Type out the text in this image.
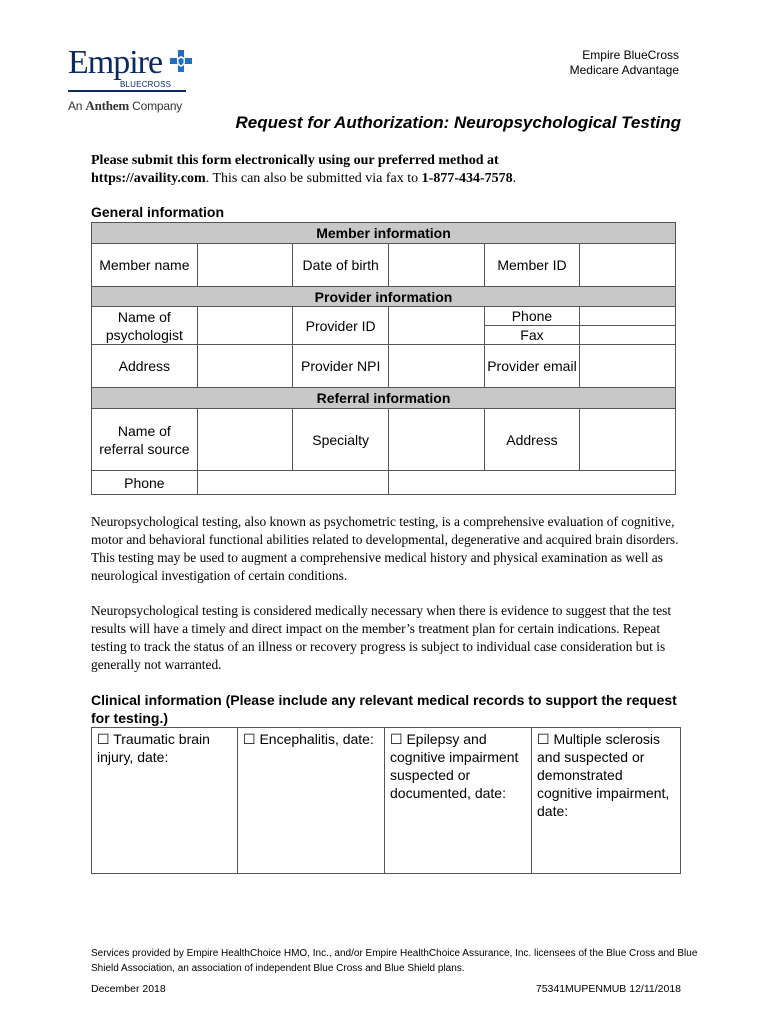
Empire
BLUECROSS
An Anthem Company
Empire BlueCross
Medicare Advantage
Request for Authorization: Neuropsychological Testing
Please submit this form electronically using our preferred method at
https://availity.com. This can also be submitted via fax to 1-877-434-7578.
General information
Member information					
Member name		Date of birth		Member ID	
Provider information					
Name of psychologist		Provider ID		Phone	
				Fax	
Address		Provider NPI		Provider email	
Referral information					
Name of referral source		Specialty		Address	
Phone					
Neuropsychological testing, also known as psychometric testing, is a comprehensive evaluation of cognitive, motor and behavioral functional abilities related to developmental, degenerative and acquired brain disorders. This testing may be used to augment a comprehensive medical history and physical examination as well as neurological investigation of certain conditions.
Neuropsychological testing is considered medically necessary when there is evidence to suggest that the test results will have a timely and direct impact on the member’s treatment plan for certain indications. Repeat testing to track the status of an illness or recovery progress is subject to individual case consideration but is generally not warranted.
Clinical information (Please include any relevant medical records to support the request for testing.)
☐ Traumatic brain injury, date:	☐ Encephalitis, date:	☐ Epilepsy and cognitive impairment suspected or documented, date:	☐ Multiple sclerosis and suspected or demonstrated cognitive impairment, date:
Services provided by Empire HealthChoice HMO, Inc., and/or Empire HealthChoice Assurance, Inc. licensees of the Blue Cross and Blue Shield Association, an association of independent Blue Cross and Blue Shield plans.
December 2018	75341MUPENMUB 12/11/2018
